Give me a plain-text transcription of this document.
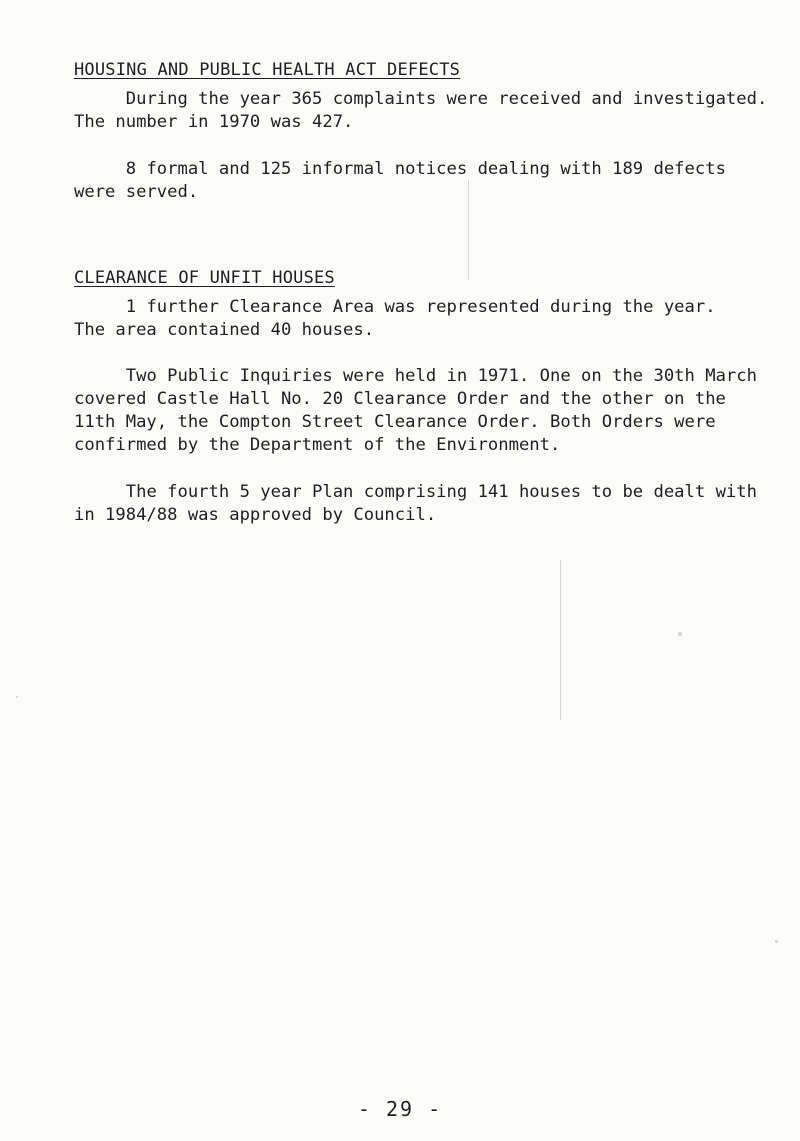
HOUSING AND PUBLIC HEALTH ACT DEFECTS
During the year 365 complaints were received and investigated.
The number in 1970 was 427.
8 formal and 125 informal notices dealing with 189 defects
were served.
CLEARANCE OF UNFIT HOUSES
1 further Clearance Area was represented during the year.
The area contained 40 houses.
Two Public Inquiries were held in 1971. One on the 30th March
covered Castle Hall No. 20 Clearance Order and the other on the
11th May, the Compton Street Clearance Order. Both Orders were
confirmed by the Department of the Environment.
The fourth 5 year Plan comprising 141 houses to be dealt with
in 1984/88 was approved by Council.
- 29 -
